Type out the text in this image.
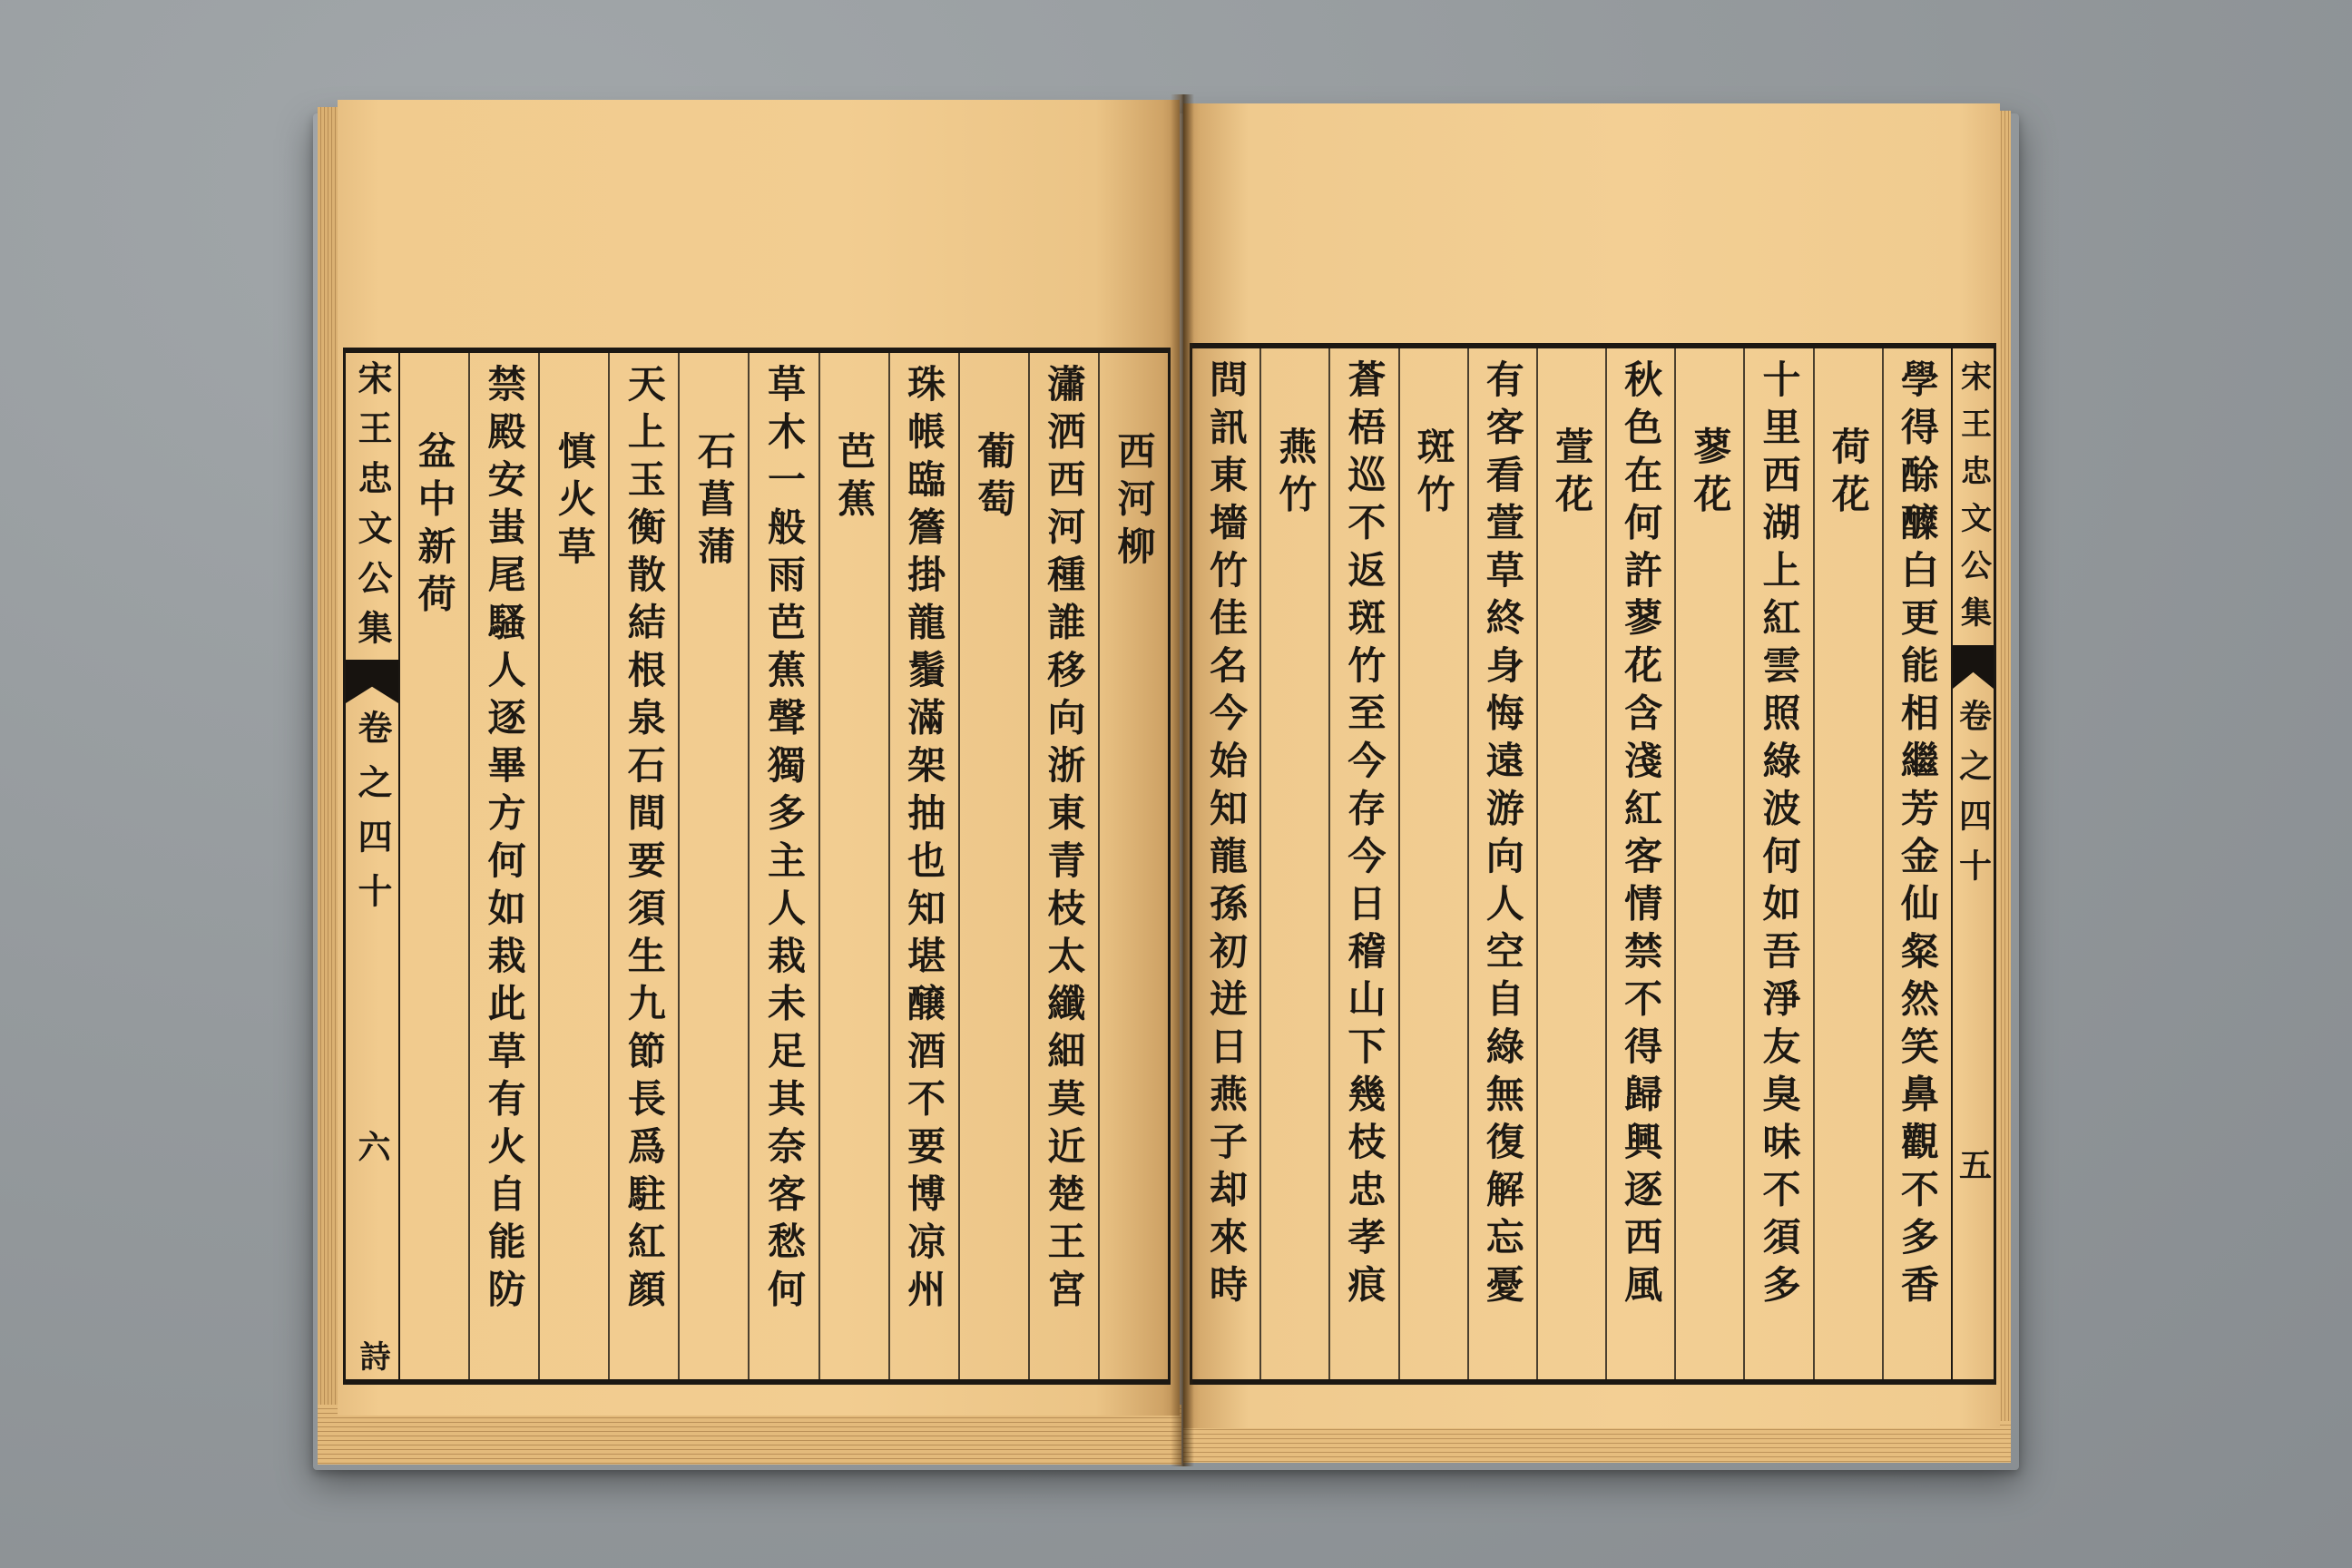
宋王忠文公集
卷之四十
六
詩
西河柳
瀟洒西河種誰移向浙東青枝太纖細莫近楚王宮
葡萄
珠帳臨簷掛龍鬚滿架抽也知堪醸酒不要博凉州
芭蕉
草木一般雨芭蕉聲獨多主人栽未足其奈客愁何
石菖蒲
天上玉衡散結根泉石間要須生九節長爲駐紅顔
慎火草
禁殿安蚩尾騷人逐畢方何如栽此草有火自能防
盆中新荷	學得酴醾白更能相繼芳金仙粲然笑鼻觀不多香
荷花
十里西湖上紅雲照綠波何如吾淨友臭味不須多
蓼花
秋色在何許蓼花含淺紅客情禁不得歸興逐西風
萱花
有客看萱草終身悔遠游向人空自綠無復解忘憂
斑竹
蒼梧巡不返斑竹至今存今日稽山下幾枝忠孝痕
燕竹
問訊東墻竹佳名今始知龍孫初迸日燕子却來時	宋王忠文公集
卷之四十
五
